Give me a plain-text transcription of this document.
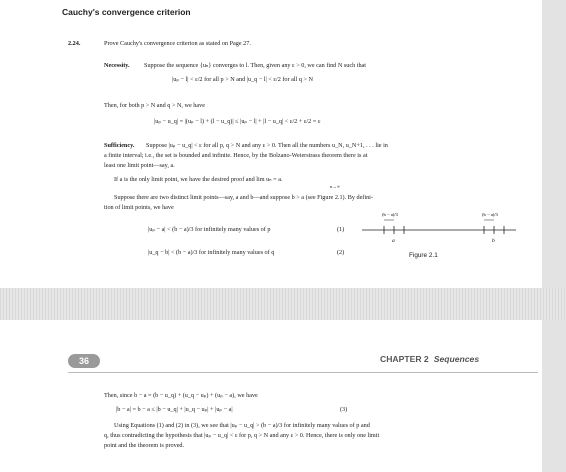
Cauchy's convergence criterion
2.24.	Prove Cauchy's convergence criterion as stated on Page 27.
Necessity. Suppose the sequence {uₙ} converges to l. Then, given any ε > 0, we can find N such that
|uₚ − l| < ε/2 for all p > N and |u_q − l| < ε/2 for all q > N
Then, for both p > N and q > N, we have
|uₚ − u_q| = |(uₚ − l) + (l − u_q)| ≤ |uₚ − l| + |l − u_q| < ε/2 + ε/2 = ε
Sufficiency. Suppose |uₚ − u_q| < ε for all p, q > N and any ε > 0. Then all the numbers u_N, u_N+1, . . . lie in
a finite interval; i.e., the set is bounded and infinite. Hence, by the Bolzano-Weierstrass theorem there is at
least one limit point—say, a.
If a is the only limit point, we have the desired proof and lim uₙ = a.
n→∞
Suppose there are two distinct limit points—say, a and b—and suppose b > a (see Figure 2.1). By defini-
tion of limit points, we have
|uₚ − a| < (b − a)/3 for infinitely many values of p	(1)
|u_q − b| < (b − a)/3 for infinitely many values of q	(2)
(b − a)/3	(b − a)/3
a	b
Figure 2.1
36	CHAPTER 2 Sequences
Then, since b − a = (b − u_q) + (u_q − uₚ) + (uₚ − a), we have
|b − a| = b − a ≤ |b − u_q| + |u_q − uₚ| + |uₚ − a|	(3)
Using Equations (1) and (2) in (3), we see that |uₚ − u_q| > (b − a)/3 for infinitely many values of p and
q, thus contradicting the hypothesis that |uₚ − u_q| < ε for p, q > N and any ε > 0. Hence, there is only one limit
point and the theorem is proved.
